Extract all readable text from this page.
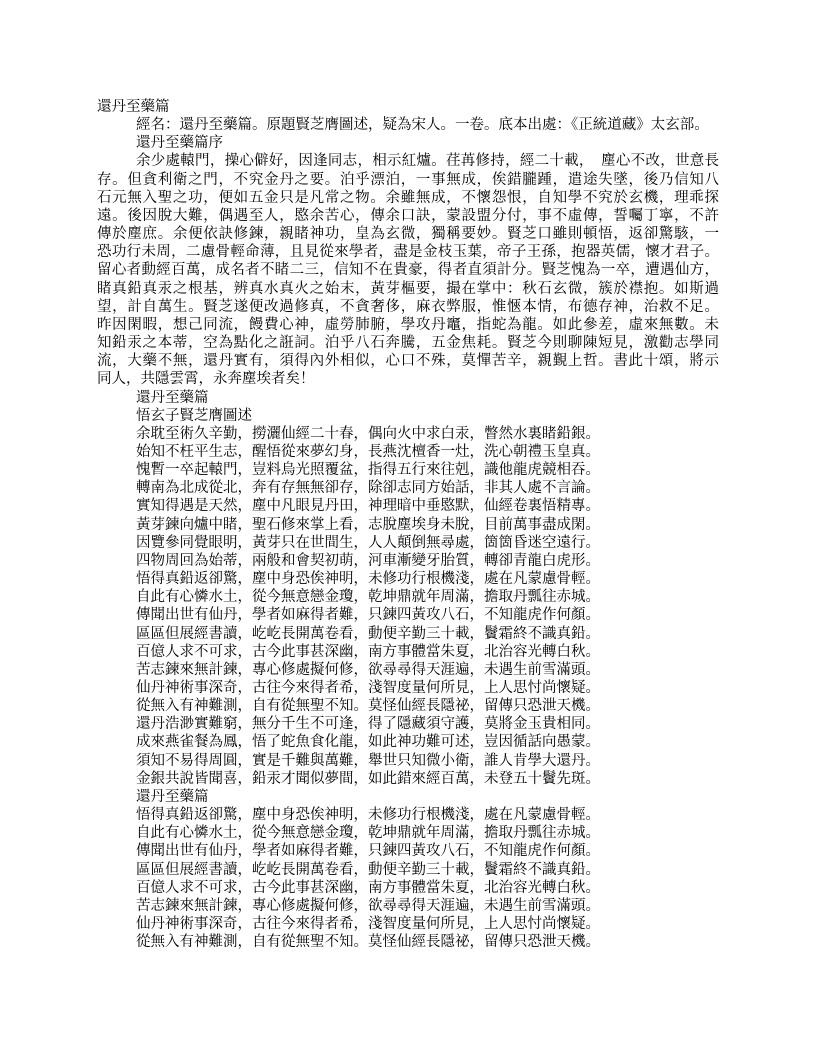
還丹至藥篇
經名：還丹至藥篇。原題賢芝膺圖述，疑為宋人。一卷。底本出處：《正統道藏》太玄部。
還丹至藥篇序
余少處轅門，操心僻好，因逢同志，相示紅爐。荏苒修持，經二十載，　塵心不改，世意長
存。但貪利衛之門，不究金丹之要。泊乎漂泊，一事無成，俟錯朧踵，遣途失墜，後乃信知八
石元無入聖之功，便如五金只是凡常之物。余雖無成，不懷怨恨，自知學不究於玄機，理乖探
遠。後因脫大難，偶遇至人，愍余苦心，傳余口訣，蒙設盟分付，事不虛傳，誓囑丁寧，不許
傳於塵庶。余便依訣修鍊，親睹神功，皇為玄微，獨稱要妙。賢芝口雖則頓悟，返卻驚駭，一
恐功行未周，二慮骨輕命薄，且見從來學者，盡是金枝玉葉，帝子王孫，抱器英儒，懷才君子。
留心者動經百萬，成名者不睹二三，信知不在貴豪，得者直須計分。賢芝愧為一卒，遭遇仙方，
睹真鉛真汞之根基，辨真水真火之始末，黃芽樞要，撮在掌中：秋石玄微，簇於襟抱。如斯過
望，計自萬生。賢芝遂便改過修真，不貪奢侈，麻衣弊服，惟愜本情，布德存神，治救不足。
昨因閑暇，想己同流，饅費心神，虛勞肺腑，學攻丹竈，指蛇為龍。如此參差，虛來無數。未
知鉛汞之本蒂，空為點化之誑詞。泊乎八石奔騰，五金焦耗。賢芝今則聊陳短見，激勸志學同
流，大藥不無，還丹實有，須得內外相似，心口不殊，莫憚苦辛，親覲上哲。書此十頌，將示
同人，共隱雲霄，永奔塵埃者矣！
還丹至藥篇
悟玄子賢芝膺圖述
余耽至術久辛勤，撈灑仙經二十春，偶向火中求白汞，瞥然水裏睹鉛銀。
始知不枉平生志，醒悟從來夢幻身，長燕沈檀香一灶，洗心朝禮玉皇真。
愧暫一卒起轅門，豈料烏光照覆盆，指得五行來往剋，識他龍虎競相吞。
轉南為北成從北，奔有存無無卻存，除卻志同方始話，非其人處不言論。
實知得遇是天然，塵中凡眼見丹田，神理暗中垂愍默，仙經卷裏悟精專。
黃芽鍊向爐中睹，聖石修來掌上看，志脫塵埃身未脫，目前萬事盡成閑。
因覽參同覺眼明，黃芽只在世間生，人人顛倒無尋處，箇箇昏迷空遠行。
四物周回為始蒂，兩般和會契初萌，河車漸變牙胎質，轉卻青龍白虎形。
悟得真鉛返卻驚，塵中身恐俟神明，未修功行根機淺，處在凡蒙慮骨輕。
自此有心憐水土，從今無意戀金瓊，乾坤鼎就年周滿，擔取丹瓢往赤城。
傳聞出世有仙丹，學者如麻得者難，只鍊四黃攻八石，不知龍虎作何顏。
區區但展經書讀，屹屹長開萬卷看，動便辛勤三十載，鬢霜終不識真鉛。
百億人求不可求，古今此事甚深幽，南方事體當朱夏，北治容光轉白秋。
苦志鍊來無計鍊，專心修處擬何修，欲尋尋得天涯遍，未遇生前雪滿頭。
仙丹神術事深奇，古往今來得者希，淺智度量何所見，上人思忖尚懷疑。
從無入有神難測，自有從無聖不知。莫怪仙經長隱祕，留傳只恐泄天機。
還丹浩渺實難窮，無分千生不可逢，得了隱藏須守護，莫將金玉貴相同。
成來燕雀餐為鳳，悟了蛇魚食化龍，如此神功難可述，豈因循話向愚蒙。
須知不易得周圓，實是千難與萬難，舉世只知微小衛，誰人肯學大還丹。
金銀共說皆聞喜，鉛汞才聞似夢間，如此錯來經百萬，未登五十鬢先斑。
還丹至藥篇
悟得真鉛返卻驚，塵中身恐俟神明，未修功行根機淺，處在凡蒙慮骨輕。
自此有心憐水土，從今無意戀金瓊，乾坤鼎就年周滿，擔取丹瓢往赤城。
傳聞出世有仙丹，學者如麻得者難，只鍊四黃攻八石，不知龍虎作何顏。
區區但展經書讀，屹屹長開萬卷看，動便辛勤三十載，鬢霜終不識真鉛。
百億人求不可求，古今此事甚深幽，南方事體當朱夏，北治容光轉白秋。
苦志鍊來無計鍊，專心修處擬何修，欲尋尋得天涯遍，未遇生前雪滿頭。
仙丹神術事深奇，古往今來得者希，淺智度量何所見，上人思忖尚懷疑。
從無入有神難測，自有從無聖不知。莫怪仙經長隱祕，留傳只恐泄天機。
